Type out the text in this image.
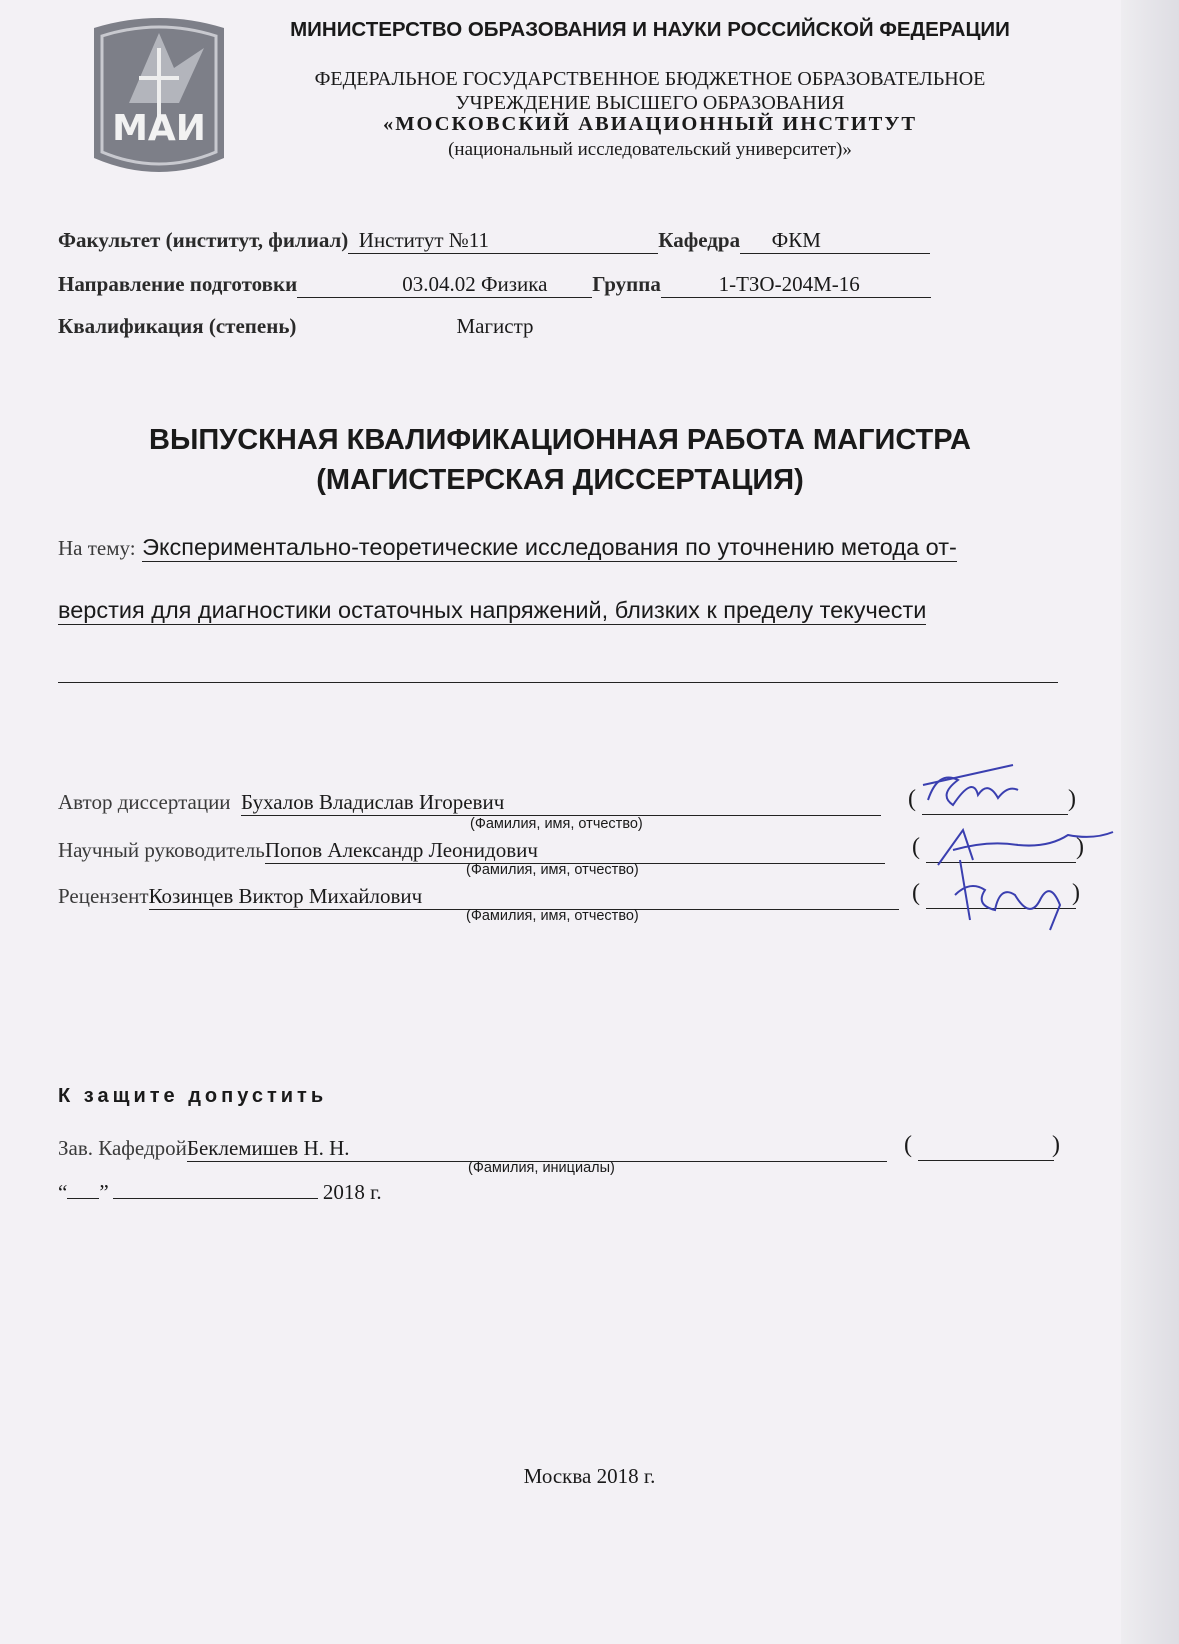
МАИ
МИНИСТЕРСТВО ОБРАЗОВАНИЯ И НАУКИ РОССИЙСКОЙ ФЕДЕРАЦИИ
ФЕДЕРАЛЬНОЕ ГОСУДАРСТВЕННОЕ БЮДЖЕТНОЕ ОБРАЗОВАТЕЛЬНОЕ
УЧРЕЖДЕНИЕ ВЫСШЕГО ОБРАЗОВАНИЯ
«МОСКОВСКИЙ АВИАЦИОННЫЙ ИНСТИТУТ
(национальный исследовательский университет)»
Факультет (институт, филиал) Институт №11	Кафедра ФКМ
Направление подготовки	03.04.02 Физика Группа	1-ТЗО-204М-16
Квалификация (степень)	Магистр
ВЫПУСКНАЯ КВАЛИФИКАЦИОННАЯ РАБОТА МАГИСТРА
(МАГИСТЕРСКАЯ ДИССЕРТАЦИЯ)
На тему: Экспериментально-теоретические исследования по уточнению метода от-
верстия для диагностики остаточных напряжений, близких к пределу текучести
Автор диссертации Бухалов Владислав Игоревич	(	)
(Фамилия, имя, отчество)
Научный руководительПопов Александр Леонидович	(	)
(Фамилия, имя, отчество)
РецензентКозинцев Виктор Михайлович	(	)
(Фамилия, имя, отчество)
К защите допустить
Зав. КафедройБеклемишев Н. Н.	(	)
(Фамилия, инициалы)
“ ”	2018 г.
Москва 2018 г.
